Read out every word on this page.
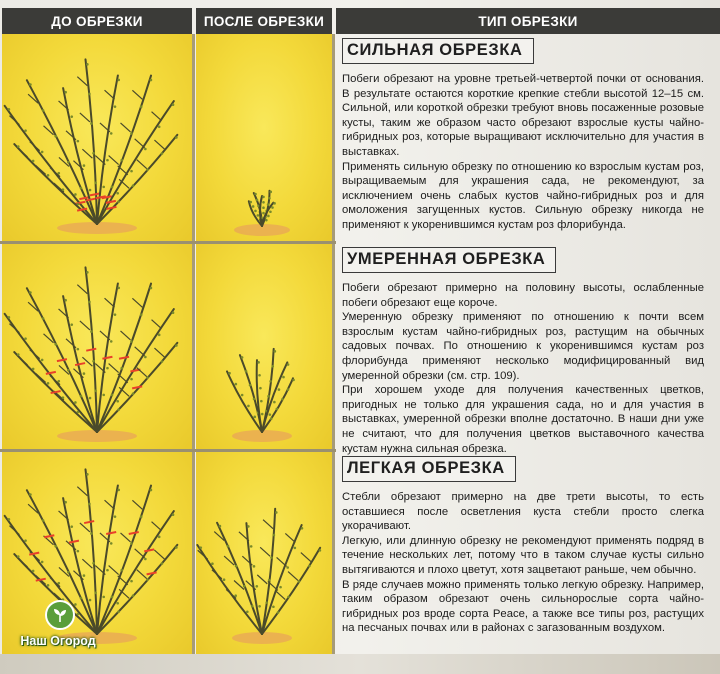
ДО ОБРЕЗКИ	ПОСЛЕ ОБРЕЗКИ	ТИП ОБРЕЗКИ
СИЛЬНАЯ ОБРЕЗКА

Побеги обрезают на уровне третьей-четвертой почки от основания. В результате остаются короткие крепкие стебли высотой 12–15 см. Сильной, или короткой обрезки требуют вновь посаженные розовые кусты, таким же образом часто обрезают взрослые кусты чайно-гибридных роз, которые выращивают исключительно для участия в выставках.

Применять сильную обрезку по отношению ко взрослым кустам роз, выращиваемым для украшения сада, не рекомендуют, за исключением очень слабых кустов чайно-гибридных роз и для омоложения загущенных кустов. Сильную обрезку никогда не применяют к укоренившимся кустам роз флорибунда.

УМЕРЕННАЯ ОБРЕЗКА

Побеги обрезают примерно на половину высоты, ослабленные побеги обрезают еще короче.

Умеренную обрезку применяют по отношению к почти всем взрослым кустам чайно-гибридных роз, растущим на обычных садовых почвах. По отношению к укоренившимся кустам роз флорибунда применяют несколько модифицированный вид умеренной обрезки (см. стр. 109).

При хорошем уходе для получения качественных цветков, пригодных не только для украшения сада, но и для участия в выставках, умеренной обрезки вполне достаточно. В наши дни уже не считают, что для получения цветков выставочного качества кустам нужна сильная обрезка.

ЛЕГКАЯ ОБРЕЗКА

Стебли обрезают примерно на две трети высоты, то есть оставшиеся после осветления куста стебли просто слегка укорачивают.

Легкую, или длинную обрезку не рекомендуют применять подряд в течение нескольких лет, потому что в таком случае кусты сильно вытягиваются и плохо цветут, хотя зацветают раньше, чем обычно.

В ряде случаев можно применять только легкую обрезку. Например, таким образом обрезают очень сильнорослые сорта чайно-гибридных роз вроде сорта Peace, а также все типы роз, растущих на песчаных почвах или в районах с загазованным воздухом.

Наш Огород
